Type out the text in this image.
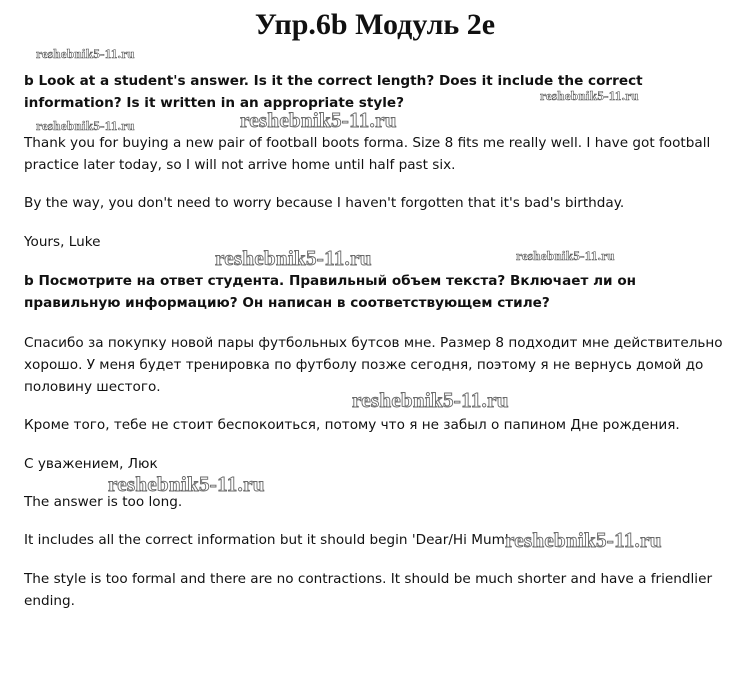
Упр.6b Модуль 2e

b Look at a student's answer. Is it the correct length? Does it include the correct information? Is it written in an appropriate style?

Thank you for buying a new pair of football boots forma. Size 8 fits me really well. I have got football practice later today, so I will not arrive home until half past six.

By the way, you don't need to worry because I haven't forgotten that it's bad's birthday.

Yours, Luke

b Посмотрите на ответ студента. Правильный объем текста? Включает ли он правильную информацию? Он написан в соответствующем стиле?

Спасибо за покупку новой пары футбольных бутсов мне. Размер 8 подходит мне действительно хорошо. У меня будет тренировка по футболу позже сегодня, поэтому я не вернусь домой до половину шестого.

Кроме того, тебе не стоит беспокоиться, потому что я не забыл о папином Дне рождения.

С уважением, Люк

The answer is too long.

It includes all the correct information but it should begin 'Dear/Hi Mum'

The style is too formal and there are no contractions. It should be much shorter and have a friendlier ending.

reshebnik5-11.ru
reshebnik5-11.ru
reshebnik5-11.ru	reshebnik5-11.ru
reshebnik5-11.ru	reshebnik5-11.ru
reshebnik5-11.ru
reshebnik5-11.ru
reshebnik5-11.ru
